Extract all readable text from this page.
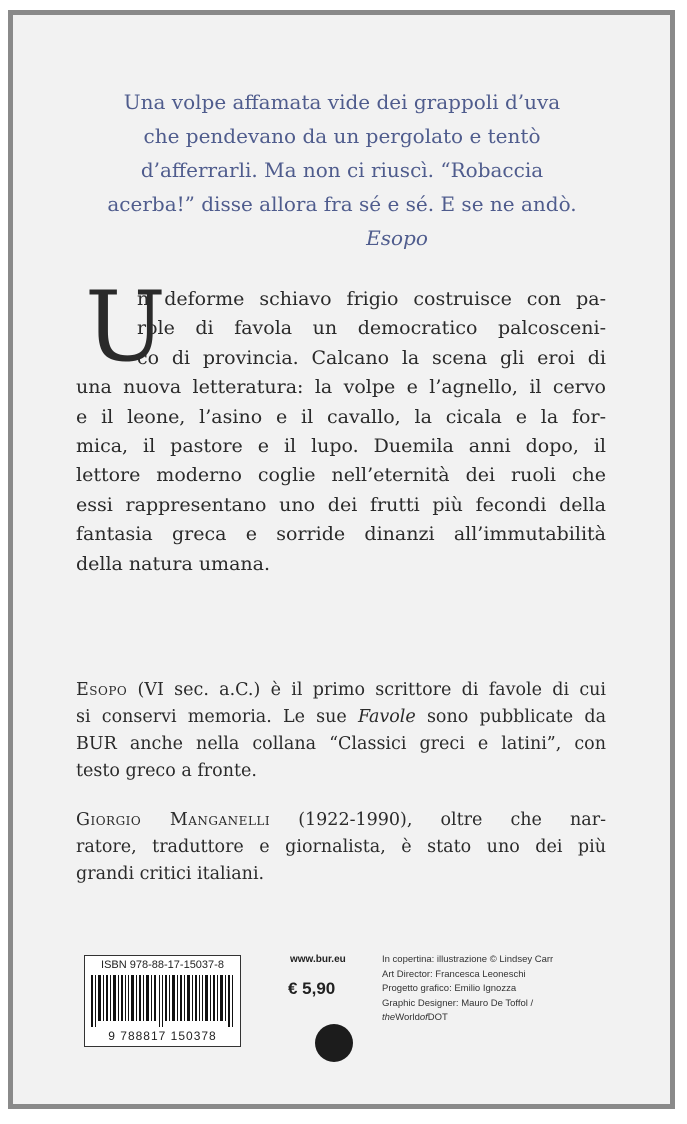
Una volpe affamata vide dei grappoli d’uva
che pendevano da un pergolato e tentò
d’afferrarli. Ma non ci riuscì. “Robaccia
acerba!” disse allora fra sé e sé. E se ne andò.
Esopo
U
n deforme schiavo frigio costruisce con pa-
role di favola un democratico palcosceni-
co di provincia. Calcano la scena gli eroi di
una nuova letteratura: la volpe e l’agnello, il cervo
e il leone, l’asino e il cavallo, la cicala e la for-
mica, il pastore e il lupo. Duemila anni dopo, il
lettore moderno coglie nell’eternità dei ruoli che
essi rappresentano uno dei frutti più fecondi della
fantasia greca e sorride dinanzi all’immutabilità
della natura umana.
Esopo (VI sec. a.C.) è il primo scrittore di favole di cui
si conservi memoria. Le sue Favole sono pubblicate da
BUR anche nella collana “Classici greci e latini”, con
testo greco a fronte.
Giorgio Manganelli (1922-1990), oltre che nar-
ratore, traduttore e giornalista, è stato uno dei più
grandi critici italiani.
ISBN 978-88-17-15037-8
9 788817 150378
www.bur.eu
€ 5,90
In copertina: illustrazione © Lindsey Carr
Art Director: Francesca Leoneschi
Progetto grafico: Emilio Ignozza
Graphic Designer: Mauro De Toffol /
theWorldofDOT
